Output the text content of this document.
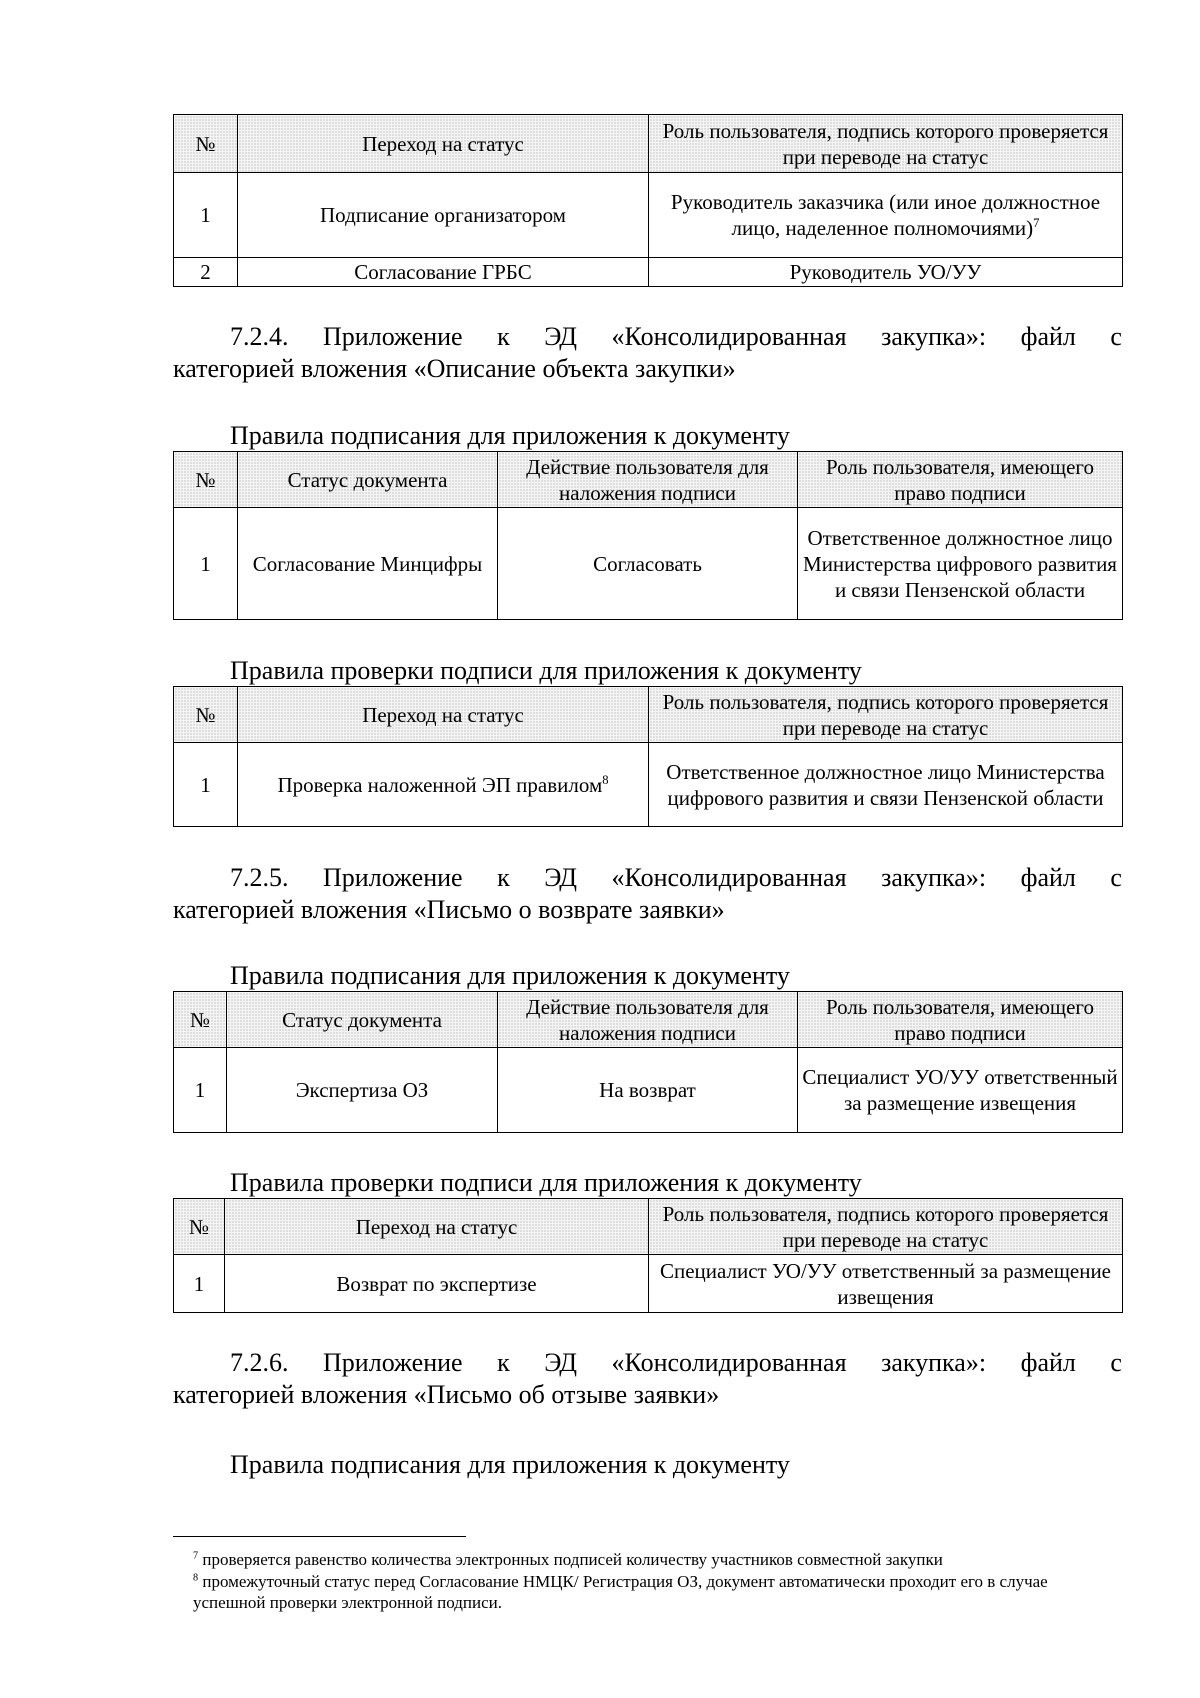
№	Переход на статус	Роль пользователя, подпись которого проверяется при переводе на статус
1	Подписание организатором	Руководитель заказчика (или иное должностное лицо, наделенное полномочиями)$^7$
2	Согласование ГРБС	Руководитель УО/УУ
7.2.4. Приложение к ЭД «Консолидированная закупка»: файл с
категорией вложения «Описание объекта закупки»
Правила подписания для приложения к документу
№	Статус документа	Действие пользователя для наложения подписи	Роль пользователя, имеющего право подписи
1	Согласование Минцифры	Согласовать	Ответственное должностное лицо Министерства цифрового развития и связи Пензенской области
Правила проверки подписи для приложения к документу
№	Переход на статус	Роль пользователя, подпись которого проверяется при переводе на статус
1	Проверка наложенной ЭП правилом$^8$	Ответственное должностное лицо Министерства цифрового развития и связи Пензенской области
7.2.5. Приложение к ЭД «Консолидированная закупка»: файл с
категорией вложения «Письмо о возврате заявки»
Правила подписания для приложения к документу
№	Статус документа	Действие пользователя для наложения подписи	Роль пользователя, имеющего право подписи
1	Экспертиза ОЗ	На возврат	Специалист УО/УУ ответственный за размещение извещения
Правила проверки подписи для приложения к документу
№	Переход на статус	Роль пользователя, подпись которого проверяется при переводе на статус
1	Возврат по экспертизе	Специалист УО/УУ ответственный за размещение извещения
7.2.6. Приложение к ЭД «Консолидированная закупка»: файл с
категорией вложения «Письмо об отзыве заявки»
Правила подписания для приложения к документу
$^7$ проверяется равенство количества электронных подписей количеству участников совместной закупки
$^8$ промежуточный статус перед Согласование НМЦК/ Регистрация ОЗ, документ автоматически проходит его в случае успешной проверки электронной подписи.
